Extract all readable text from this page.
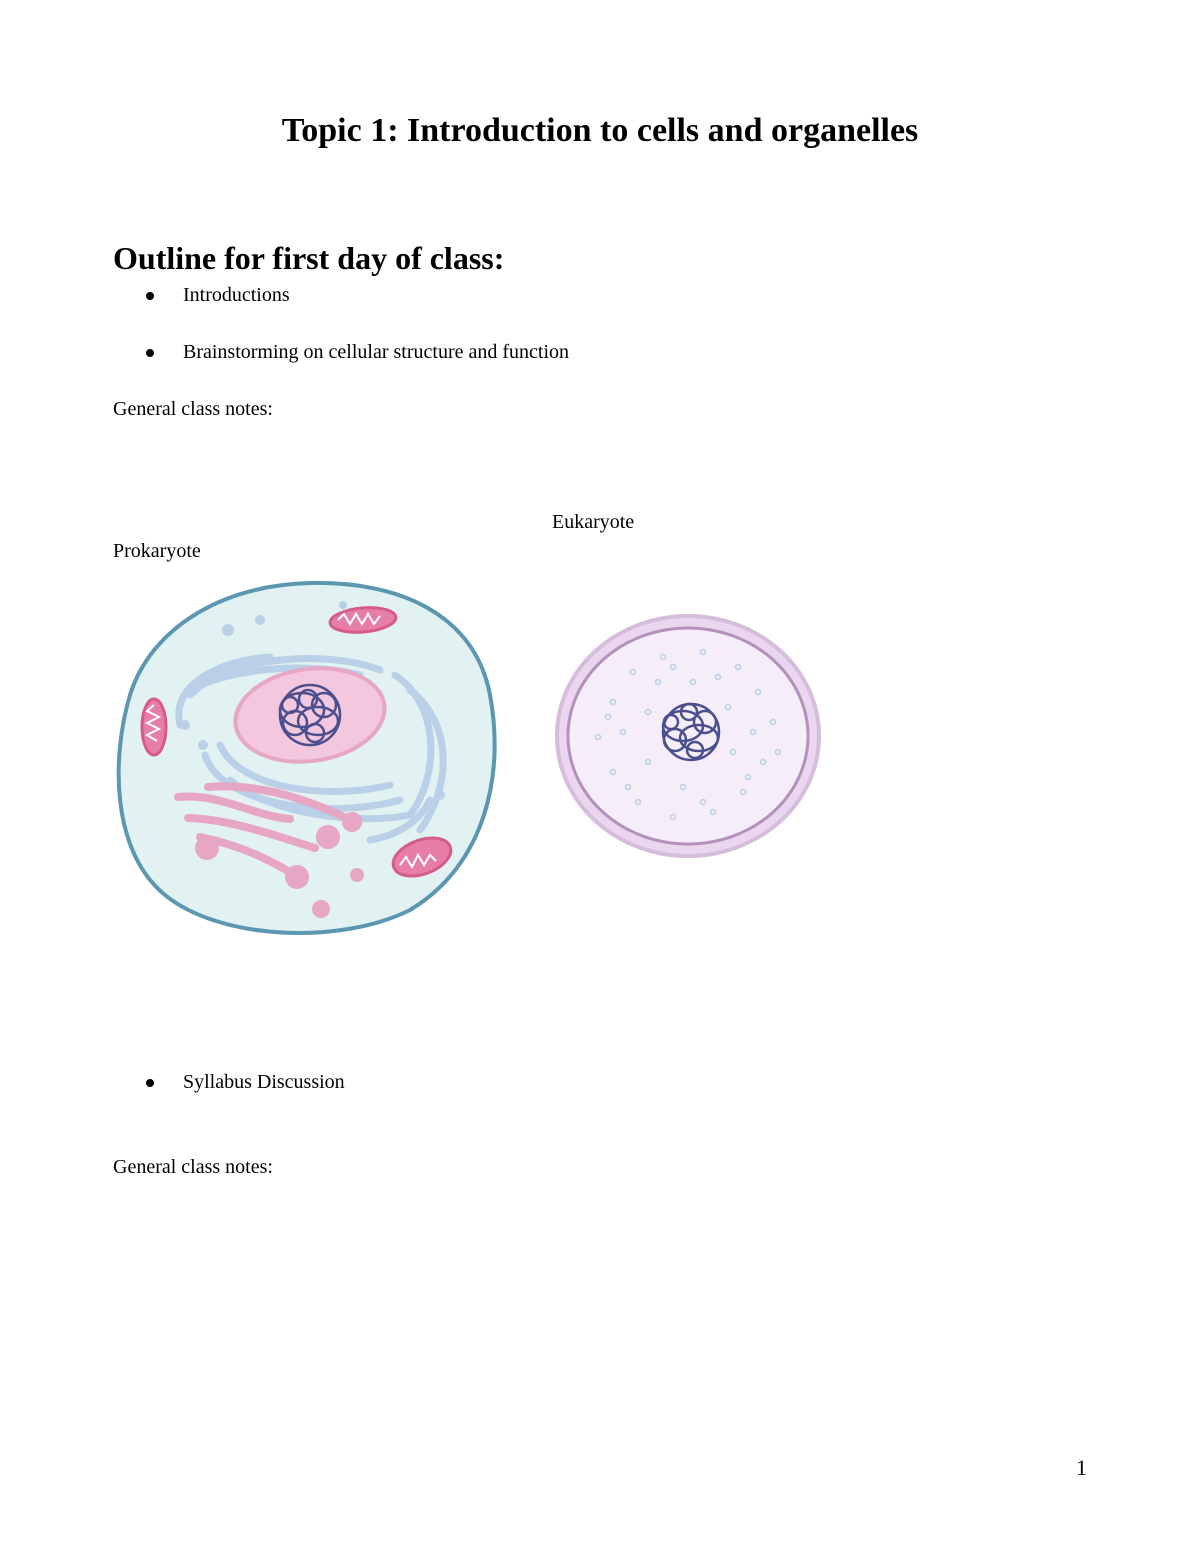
Topic 1: Introduction to cells and organelles
Outline for first day of class:
Introductions
Brainstorming on cellular structure and function
General class notes:
Eukaryote
Prokaryote
Syllabus Discussion
General class notes:
1
